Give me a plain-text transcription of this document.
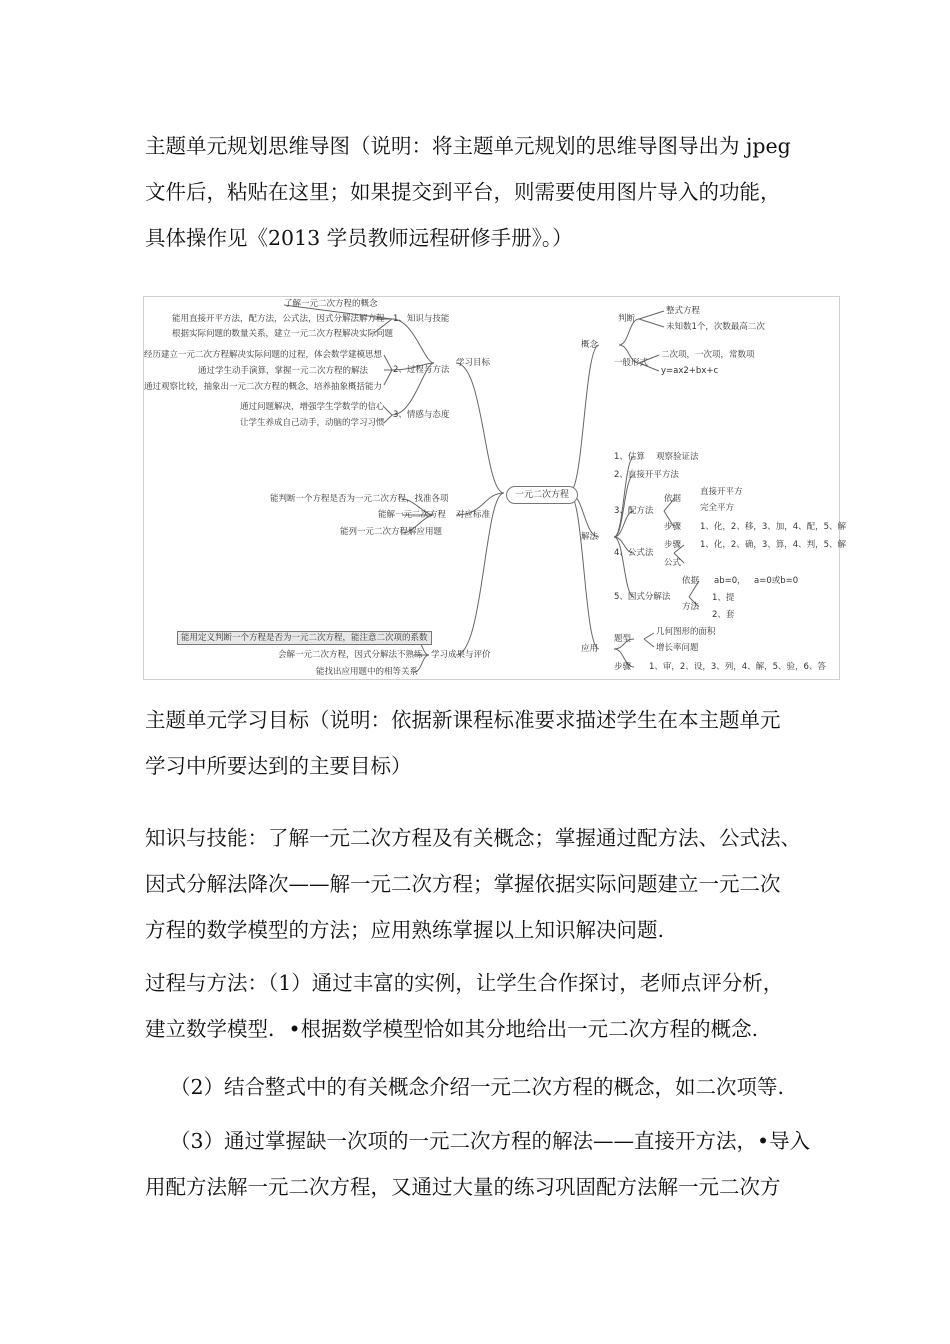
主题单元规划思维导图（说明：将主题单元规划的思维导图导出为 jpeg
文件后，粘贴在这里；如果提交到平台，则需要使用图片导入的功能，
具体操作见《2013 学员教师远程研修手册》。）
一元二次方程
学习目标
1、知识与技能
了解一元二次方程的概念
能用直接开平方法，配方法，公式法，因式分解法解方程
根据实际问题的数量关系，建立一元二次方程解决实际问题
2、过程与方法
经历建立一元二次方程解决实际问题的过程，体会数学建模思想
通过学生动手演算，掌握一元二次方程的解法
通过观察比较，抽象出一元二次方程的概念，培养抽象概括能力
3、情感与态度
通过问题解决，增强学生学数学的信心
让学生养成自己动手，动脑的学习习惯
对应标准
能判断一个方程是否为一元二次方程，找准各项
能解一元二次方程
能列一元二次方程解应用题
学习成果与评价
能用定义判断一个方程是否为一元二次方程，能注意二次项的系数
会解一元二次方程，因式分解法不熟练
能找出应用题中的相等关系
概念
判断
整式方程
未知数1个，次数最高二次
一般形式
二次项，一次项，常数项
y=ax2+bx+c
解法
1、估算 观察验证法
2、直接开平方法
3、配方法
依据
直接开平方
完全平方
步骤 1、化，2、移，3、加，4、配，5、解
4、公式法
步骤 1、化，2、确，3、算，4、判，5、解
公式
5、因式分解法
依据 ab=0， a=0或b=0
方法
1、提
2、套
应用
题型
几何图形的面积
增长率问题
步骤 1、审，2、设，3、列，4、解，5、验，6、答
主题单元学习目标（说明：依据新课程标准要求描述学生在本主题单元
学习中所要达到的主要目标）
知识与技能：了解一元二次方程及有关概念；掌握通过配方法、公式法、
因式分解法降次——解一元二次方程；掌握依据实际问题建立一元二次
方程的数学模型的方法；应用熟练掌握以上知识解决问题.
过程与方法：（1）通过丰富的实例，让学生合作探讨，老师点评分析，
建立数学模型．•根据数学模型恰如其分地给出一元二次方程的概念.
（2）结合整式中的有关概念介绍一元二次方程的概念，如二次项等.
（3）通过掌握缺一次项的一元二次方程的解法——直接开方法，•导入
用配方法解一元二次方程，又通过大量的练习巩固配方法解一元二次方
